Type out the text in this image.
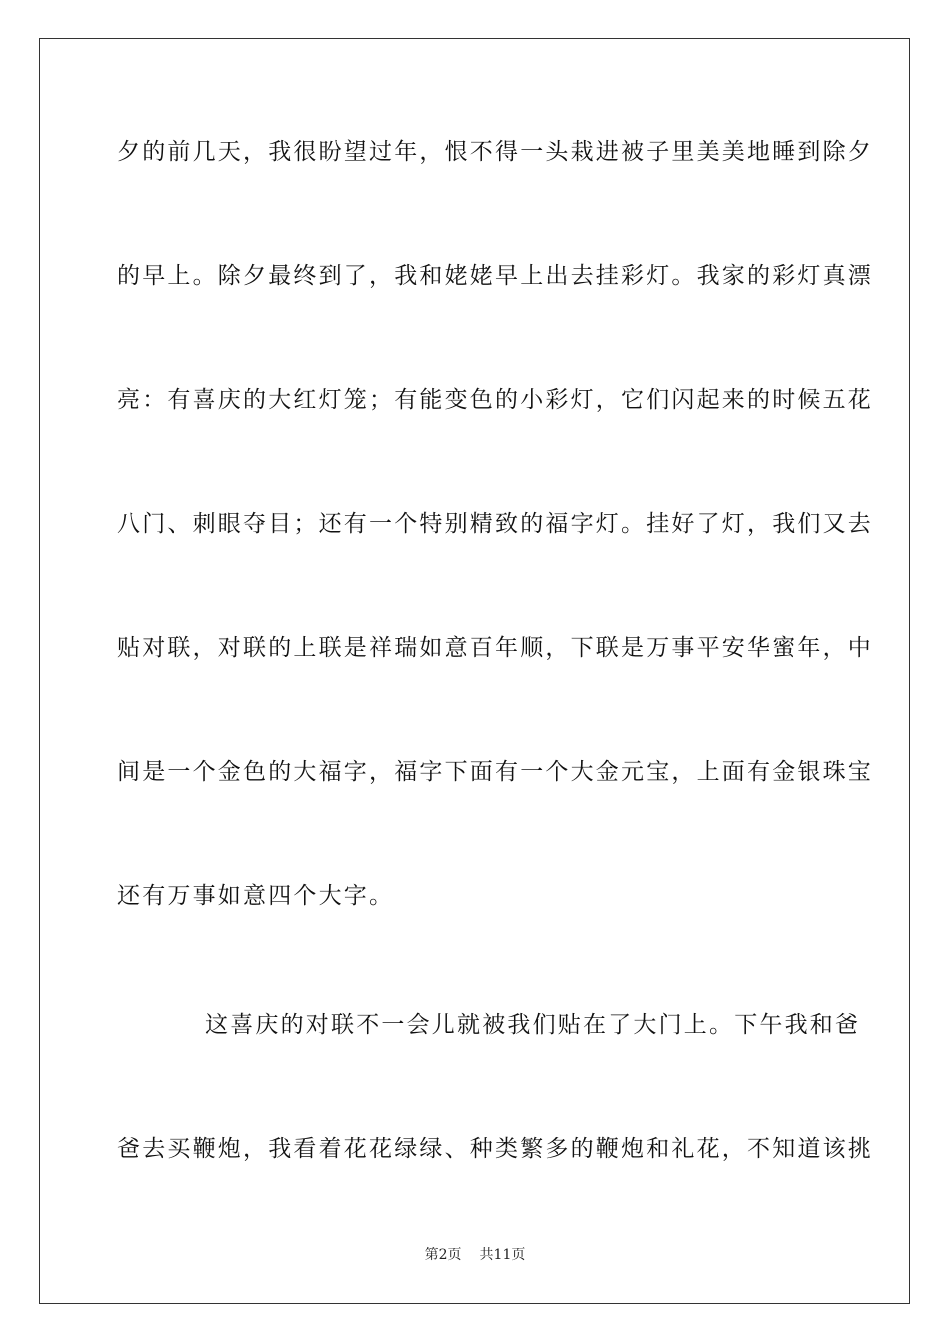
夕的前几天，我很盼望过年，恨不得一头栽进被子里美美地睡到除夕
的早上。除夕最终到了，我和姥姥早上出去挂彩灯。我家的彩灯真漂
亮：有喜庆的大红灯笼；有能变色的小彩灯，它们闪起来的时候五花
八门、刺眼夺目；还有一个特别精致的福字灯。挂好了灯，我们又去
贴对联，对联的上联是祥瑞如意百年顺，下联是万事平安华蜜年，中
间是一个金色的大福字，福字下面有一个大金元宝，上面有金银珠宝
还有万事如意四个大字。
这喜庆的对联不一会儿就被我们贴在了大门上。下午我和爸
爸去买鞭炮，我看着花花绿绿、种类繁多的鞭炮和礼花，不知道该挑
第2页 共11页
